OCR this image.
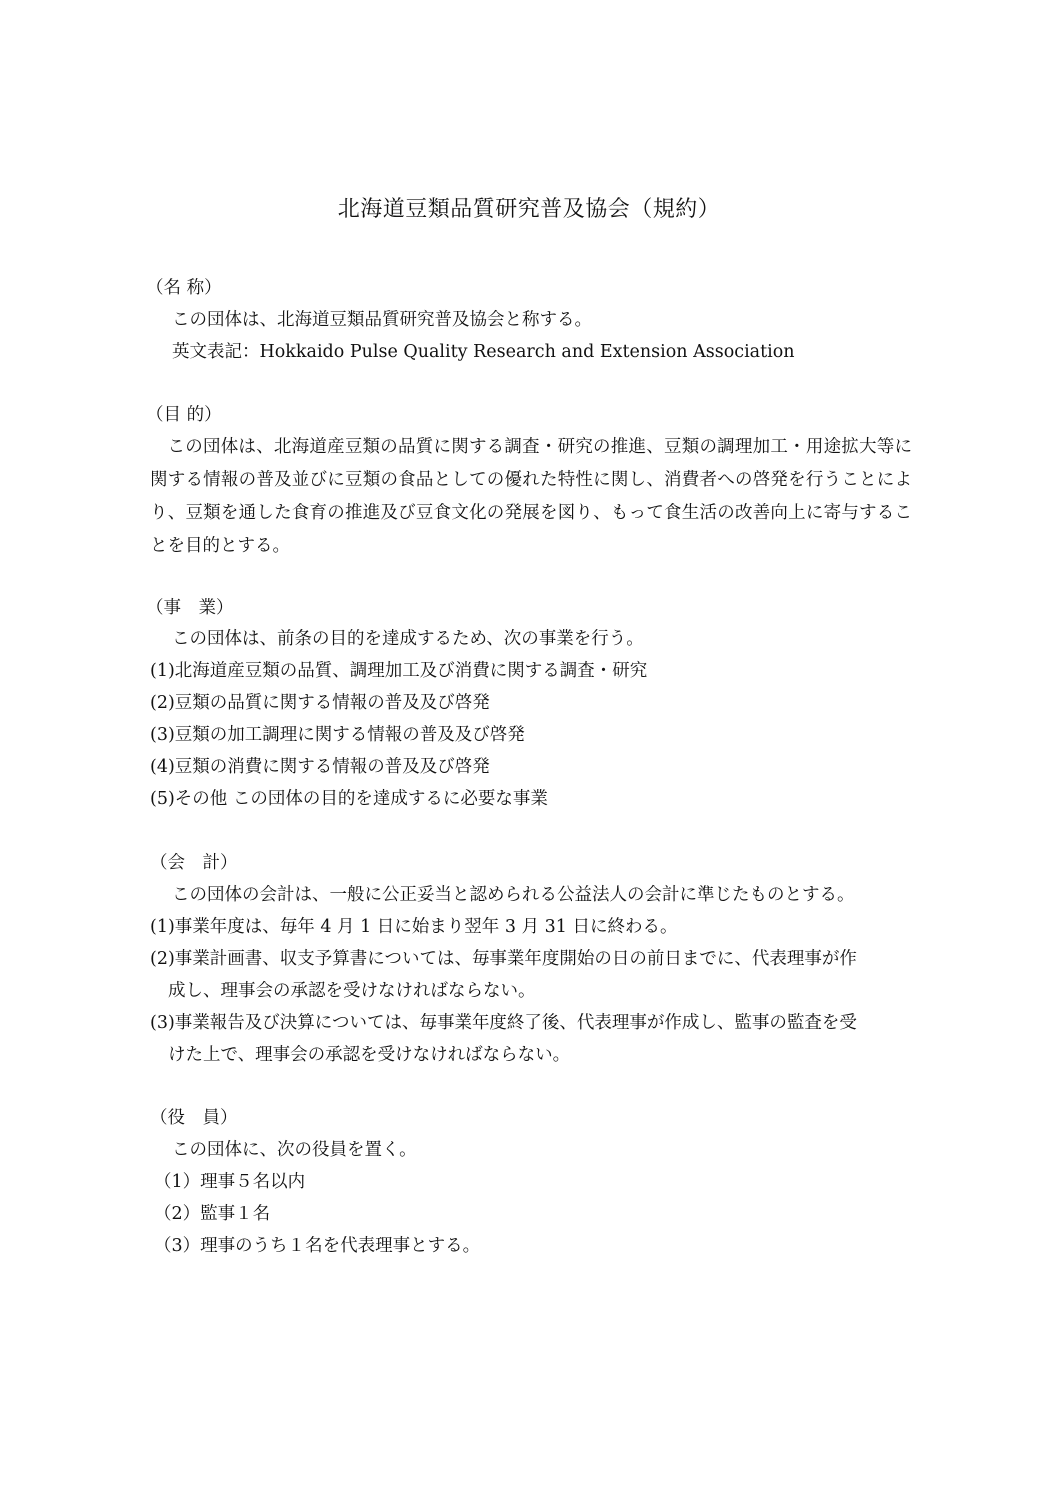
北海道豆類品質研究普及協会（規約）
（名 称）
この団体は、北海道豆類品質研究普及協会と称する。
英文表記：Hokkaido Pulse Quality Research and Extension Association
（目 的）

この団体は、北海道産豆類の品質に関する調査・研究の推進、豆類の調理加工・用途拡大等に関する情報の普及並びに豆類の食品としての優れた特性に関し、消費者への啓発を行うことにより、豆類を通した食育の推進及び豆食文化の発展を図り、もって食生活の改善向上に寄与することを目的とする。

（事　業）
この団体は、前条の目的を達成するため、次の事業を行う。
(1)北海道産豆類の品質、調理加工及び消費に関する調査・研究
(2)豆類の品質に関する情報の普及及び啓発
(3)豆類の加工調理に関する情報の普及及び啓発
(4)豆類の消費に関する情報の普及及び啓発
(5)その他 この団体の目的を達成するに必要な事業
（会　計）
この団体の会計は、一般に公正妥当と認められる公益法人の会計に準じたものとする。
(1)事業年度は、毎年 4 月 1 日に始まり翌年 3 月 31 日に終わる。
(2)事業計画書、収支予算書については、毎事業年度開始の日の前日までに、代表理事が作
成し、理事会の承認を受けなければならない。
(3)事業報告及び決算については、毎事業年度終了後、代表理事が作成し、監事の監査を受
けた上で、理事会の承認を受けなければならない。
（役　員）
この団体に、次の役員を置く。
（1）理事５名以内
（2）監事１名
（3）理事のうち１名を代表理事とする。
